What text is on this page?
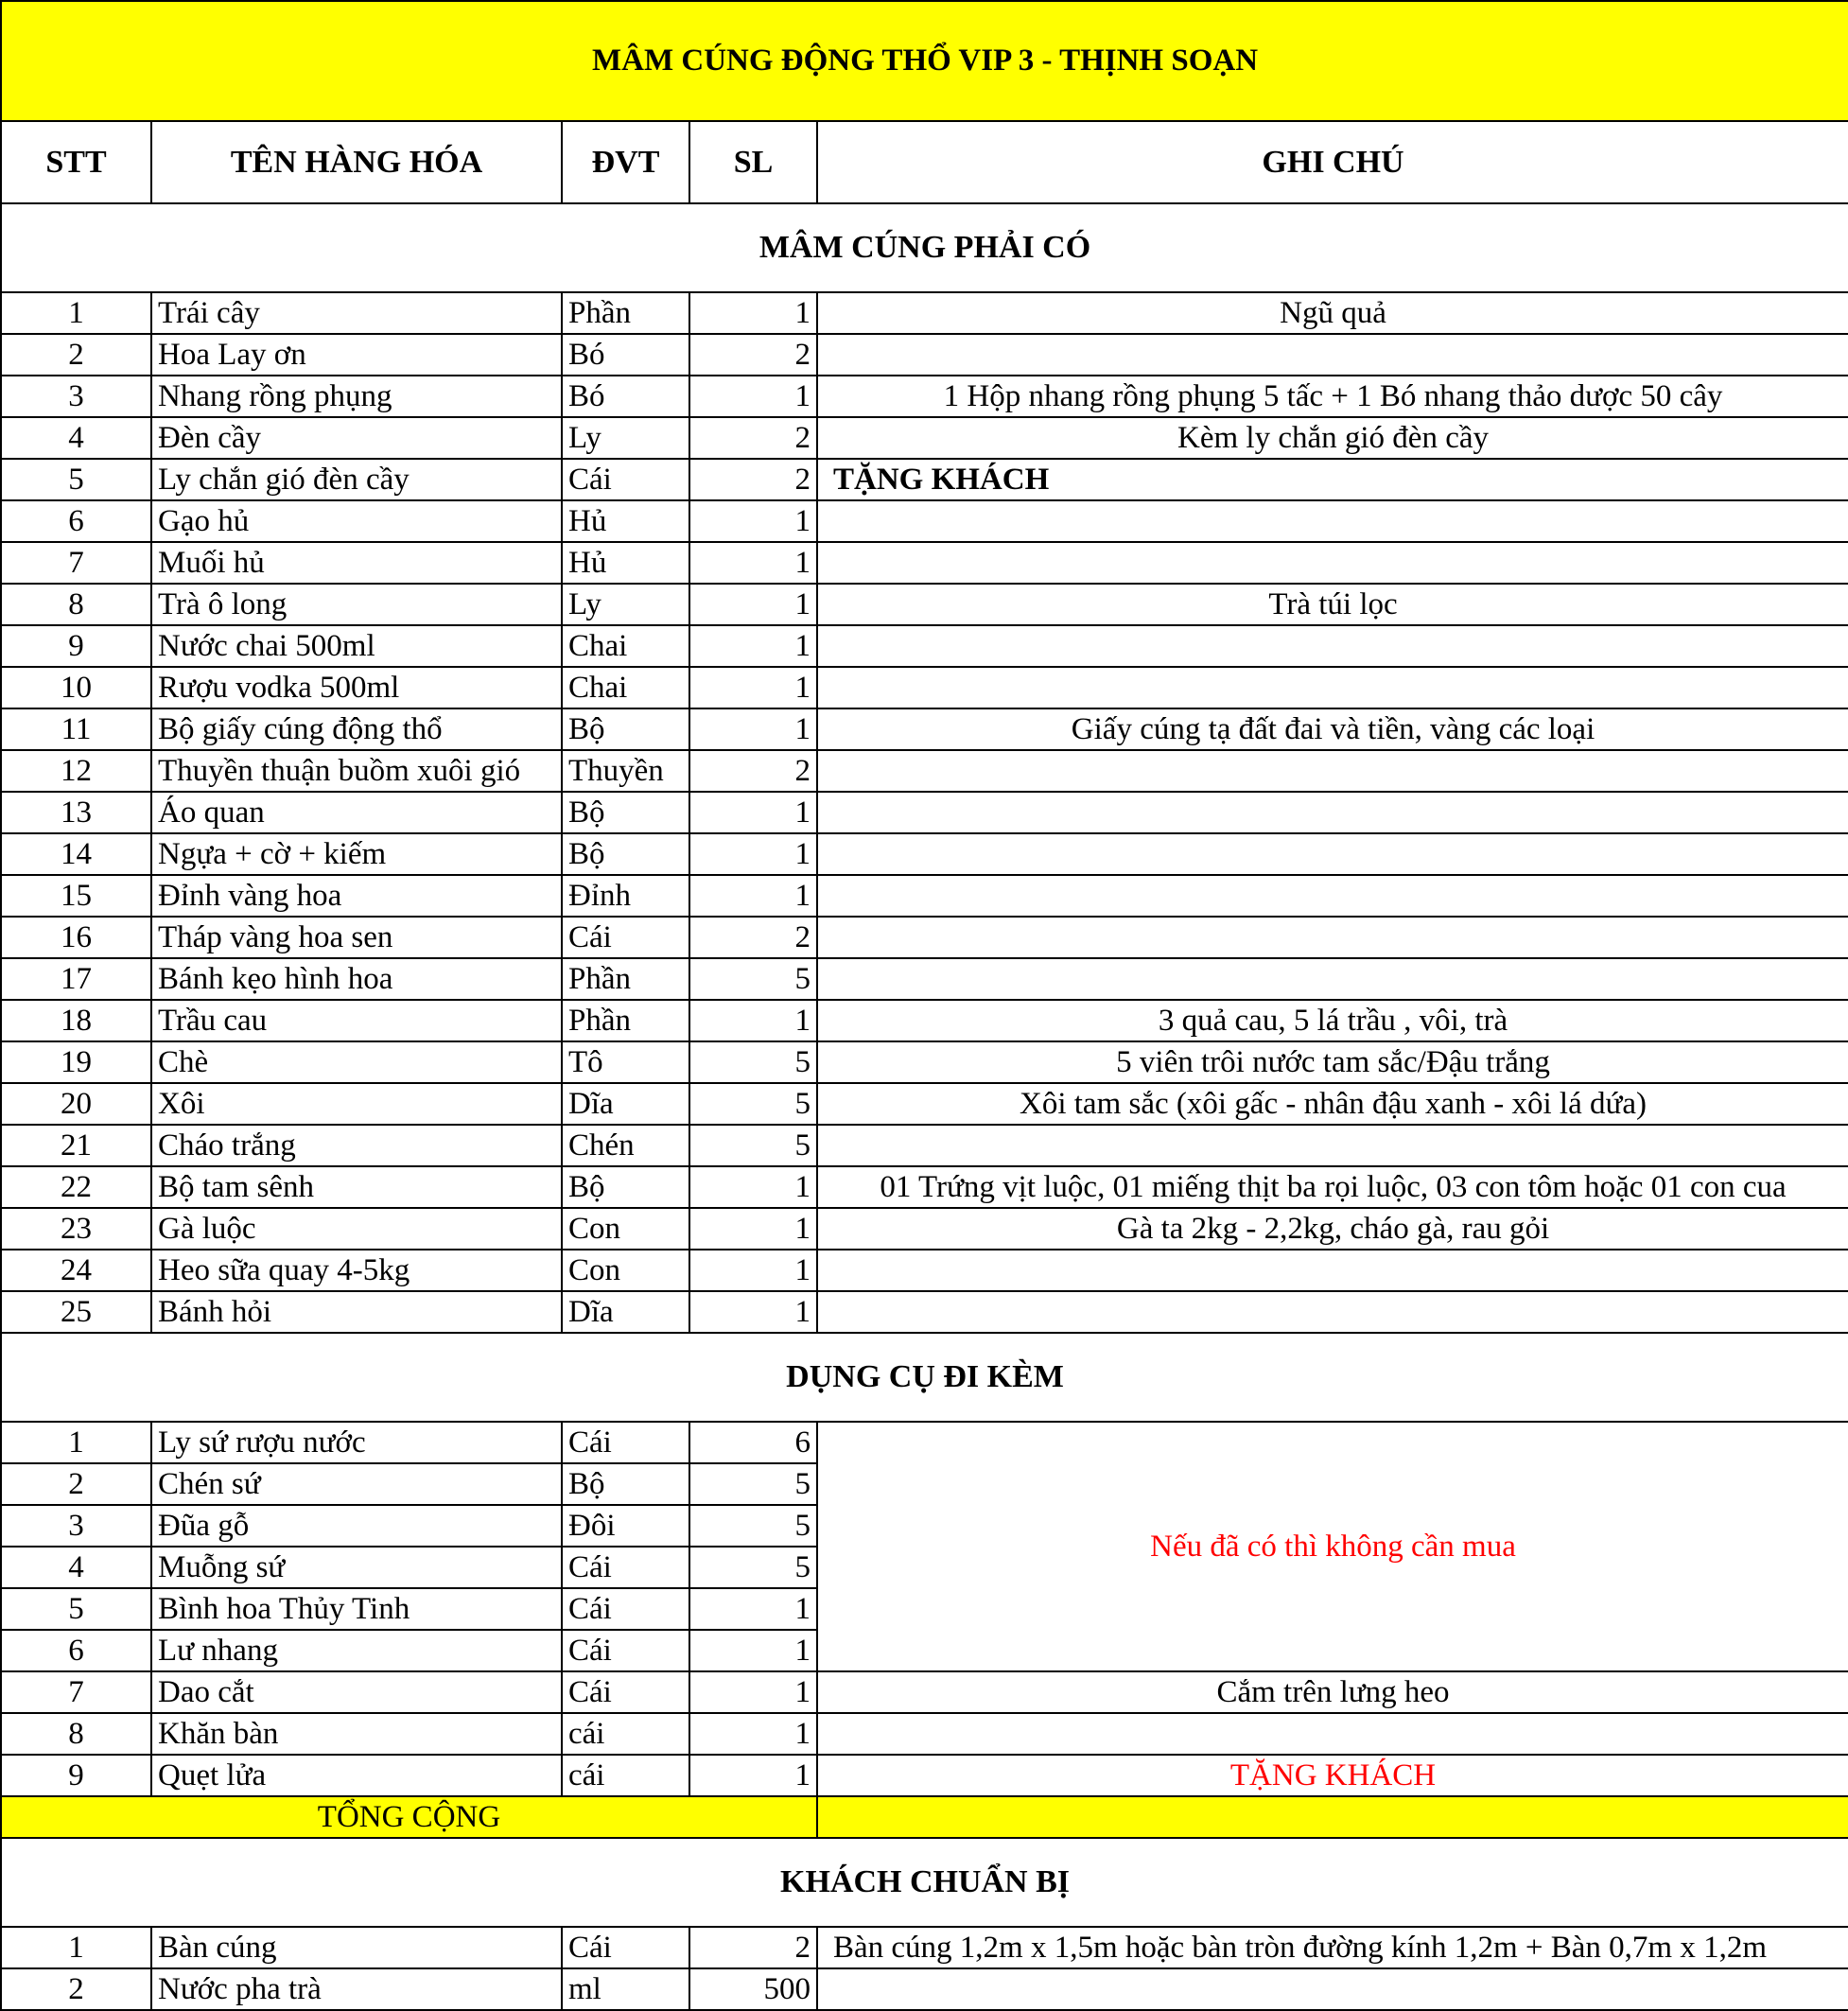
MÂM CÚNG ĐỘNG THỔ VIP 3 - THỊNH SOẠN				
STT	TÊN HÀNG HÓA	ĐVT	SL	GHI CHÚ
MÂM CÚNG PHẢI CÓ				
1	Trái cây	Phần	1	Ngũ quả
2	Hoa Lay ơn	Bó	2	
3	Nhang rồng phụng	Bó	1	1 Hộp nhang rồng phụng 5 tấc + 1 Bó nhang thảo dược 50 cây
4	Đèn cầy	Ly	2	Kèm ly chắn gió đèn cầy
5	Ly chắn gió đèn cầy	Cái	2	TẶNG KHÁCH
6	Gạo hủ	Hủ	1	
7	Muối hủ	Hủ	1	
8	Trà ô long	Ly	1	Trà túi lọc
9	Nước chai 500ml	Chai	1	
10	Rượu vodka 500ml	Chai	1	
11	Bộ giấy cúng động thổ	Bộ	1	Giấy cúng tạ đất đai và tiền, vàng các loại
12	Thuyền thuận buồm xuôi gió	Thuyền	2	
13	Áo quan	Bộ	1	
14	Ngựa + cờ + kiếm	Bộ	1	
15	Đỉnh vàng hoa	Đỉnh	1	
16	Tháp vàng hoa sen	Cái	2	
17	Bánh kẹo hình hoa	Phần	5	
18	Trầu cau	Phần	1	3 quả cau, 5 lá trầu , vôi, trà
19	Chè	Tô	5	5 viên trôi nước tam sắc/Đậu trắng
20	Xôi	Dĩa	5	Xôi tam sắc (xôi gấc - nhân đậu xanh - xôi lá dứa)
21	Cháo trắng	Chén	5	
22	Bộ tam sênh	Bộ	1	01 Trứng vịt luộc, 01 miếng thịt ba rọi luộc, 03 con tôm hoặc 01 con cua
23	Gà luộc	Con	1	Gà ta 2kg - 2,2kg, cháo gà, rau gỏi
24	Heo sữa quay 4-5kg	Con	1	
25	Bánh hỏi	Dĩa	1	
DỤNG CỤ ĐI KÈM				
1	Ly sứ rượu nước	Cái	6	Nếu đã có thì không cần mua
2	Chén sứ	Bộ	5	
3	Đũa gỗ	Đôi	5	
4	Muỗng sứ	Cái	5	
5	Bình hoa Thủy Tinh	Cái	1	
6	Lư nhang	Cái	1	
7	Dao cắt	Cái	1	Cắm trên lưng heo
8	Khăn bàn	cái	1	
9	Quẹt lửa	cái	1	TẶNG KHÁCH
TỔNG CỘNG				
KHÁCH CHUẨN BỊ				
1	Bàn cúng	Cái	2	Bàn cúng 1,2m x 1,5m hoặc bàn tròn đường kính 1,2m + Bàn 0,7m x 1,2m
2	Nước pha trà	ml	500	
